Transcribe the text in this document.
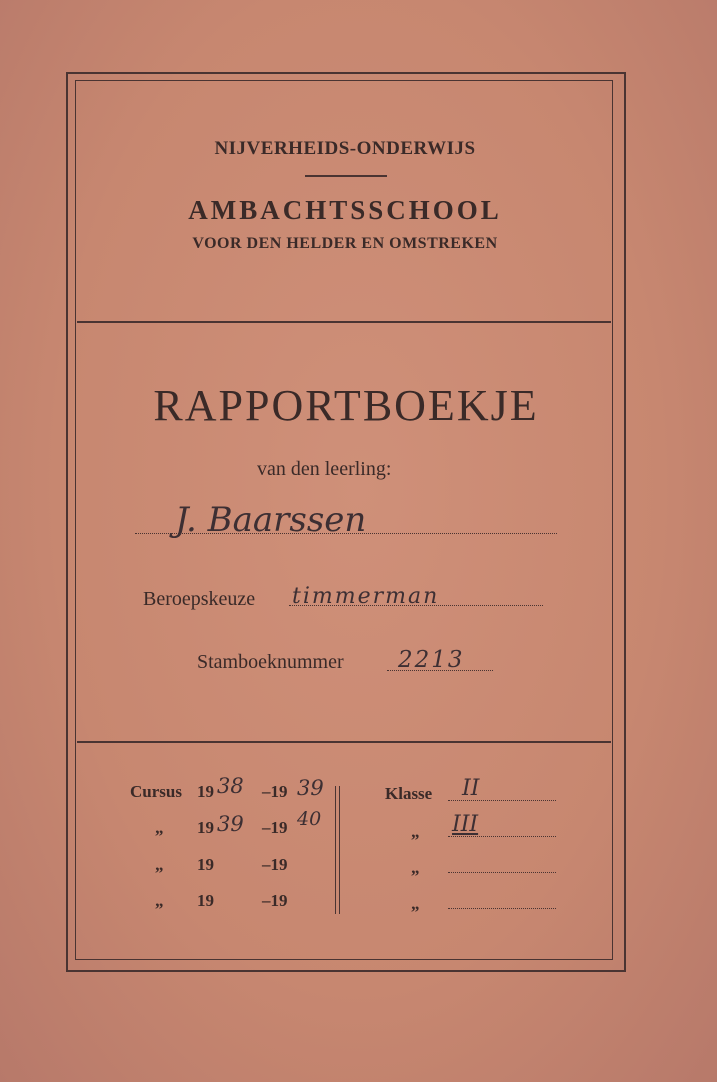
NIJVERHEIDS-ONDERWIJS
AMBACHTSSCHOOL
VOOR DEN HELDER EN OMSTREKEN
RAPPORTBOEKJE
van den leerling:
J. Baarssen
Beroepskeuze timmerman
Stamboeknummer 2213
Cursus
„
„
„
19 38 –19 39
19 39 –19 40
19	–19
19	–19
Klasse II
„ III
„
„
